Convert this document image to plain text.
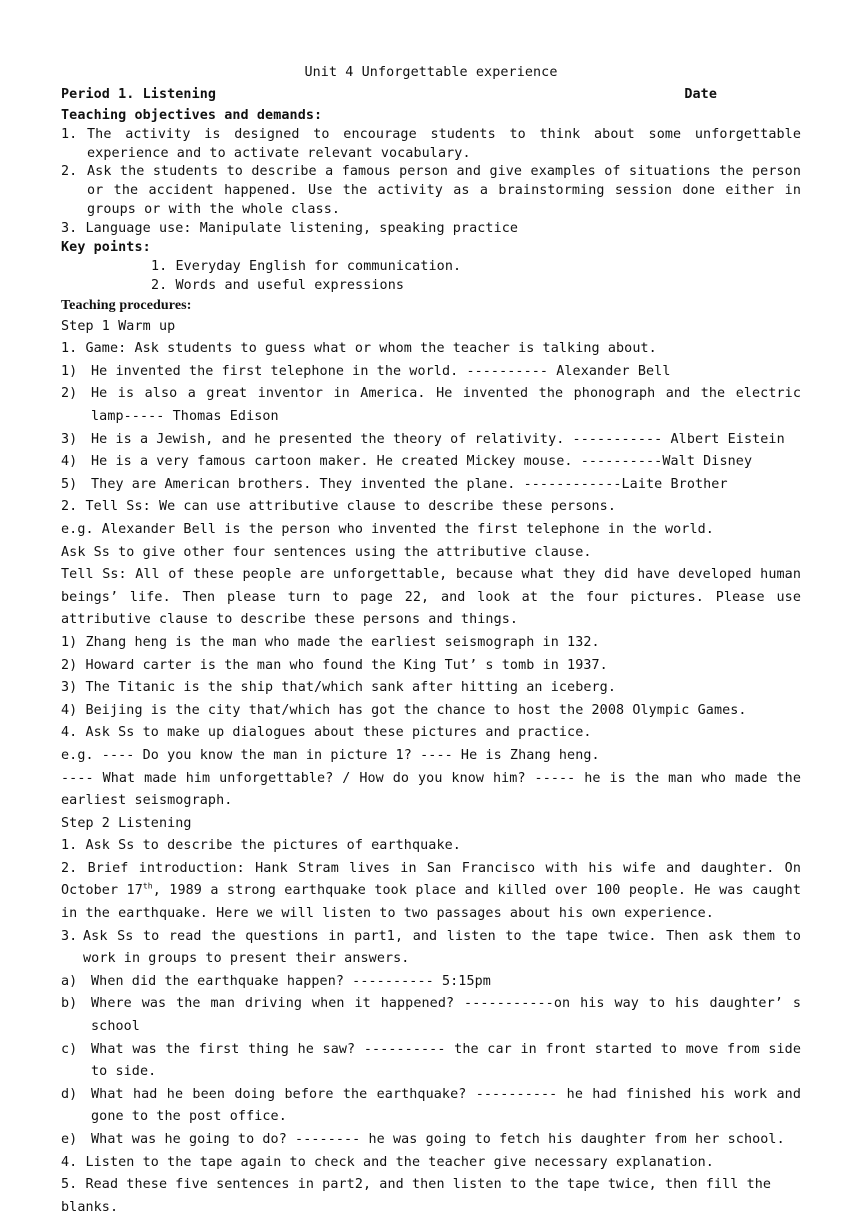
Unit 4 Unforgettable experience
Period 1. Listening	Date
Teaching objectives and demands:
1. The activity is designed to encourage students to think about some unforgettable experience and to activate relevant vocabulary.
2. Ask the students to describe a famous person and give examples of situations the person or the accident happened. Use the activity as a brainstorming session done either in groups or with the whole class.
3. Language use: Manipulate listening, speaking practice
Key points:
1. Everyday English for communication.
2. Words and useful expressions
Teaching procedures:
Step 1 Warm up
1. Game: Ask students to guess what or whom the teacher is talking about.
1)	He invented the first telephone in the world. ---------- Alexander Bell
2)	He is also a great inventor in America. He invented the phonograph and the electric lamp----- Thomas Edison
3)	He is a Jewish, and he presented the theory of relativity. ----------- Albert Eistein
4)	He is a very famous cartoon maker. He created Mickey mouse. ----------Walt Disney
5)	They are American brothers. They invented the plane. ------------Laite Brother
2. Tell Ss: We can use attributive clause to describe these persons.
e.g. Alexander Bell is the person who invented the first telephone in the world.
Ask Ss to give other four sentences using the attributive clause.
Tell Ss: All of these people are unforgettable, because what they did have developed human beings’ life. Then please turn to page 22, and look at the four pictures. Please use attributive clause to describe these persons and things.
1) Zhang heng is the man who made the earliest seismograph in 132.
2) Howard carter is the man who found the King Tut’ s tomb in 1937.
3) The Titanic is the ship that/which sank after hitting an iceberg.
4) Beijing is the city that/which has got the chance to host the 2008 Olympic Games.
4. Ask Ss to make up dialogues about these pictures and practice.
e.g. ---- Do you know the man in picture 1? ---- He is Zhang heng.
---- What made him unforgettable? / How do you know him? ----- he is the man who made the earliest seismograph.
Step 2 Listening
1. Ask Ss to describe the pictures of earthquake.
2. Brief introduction: Hank Stram lives in San Francisco with his wife and daughter. On October 17th, 1989 a strong earthquake took place and killed over 100 people. He was caught in the earthquake. Here we will listen to two passages about his own experience.
3. Ask Ss to read the questions in part1, and listen to the tape twice. Then ask them to work in groups to present their answers.
a)	When did the earthquake happen? ---------- 5:15pm
b)	Where was the man driving when it happened? -----------on his way to his daughter’ s school
c)	What was the first thing he saw? ---------- the car in front started to move from side to side.
d)	What had he been doing before the earthquake? ---------- he had finished his work and gone to the post office.
e)	What was he going to do? -------- he was going to fetch his daughter from her school.
4. Listen to the tape again to check and the teacher give necessary explanation.
5. Read these five sentences in part2, and then listen to the tape twice, then fill the blanks.
